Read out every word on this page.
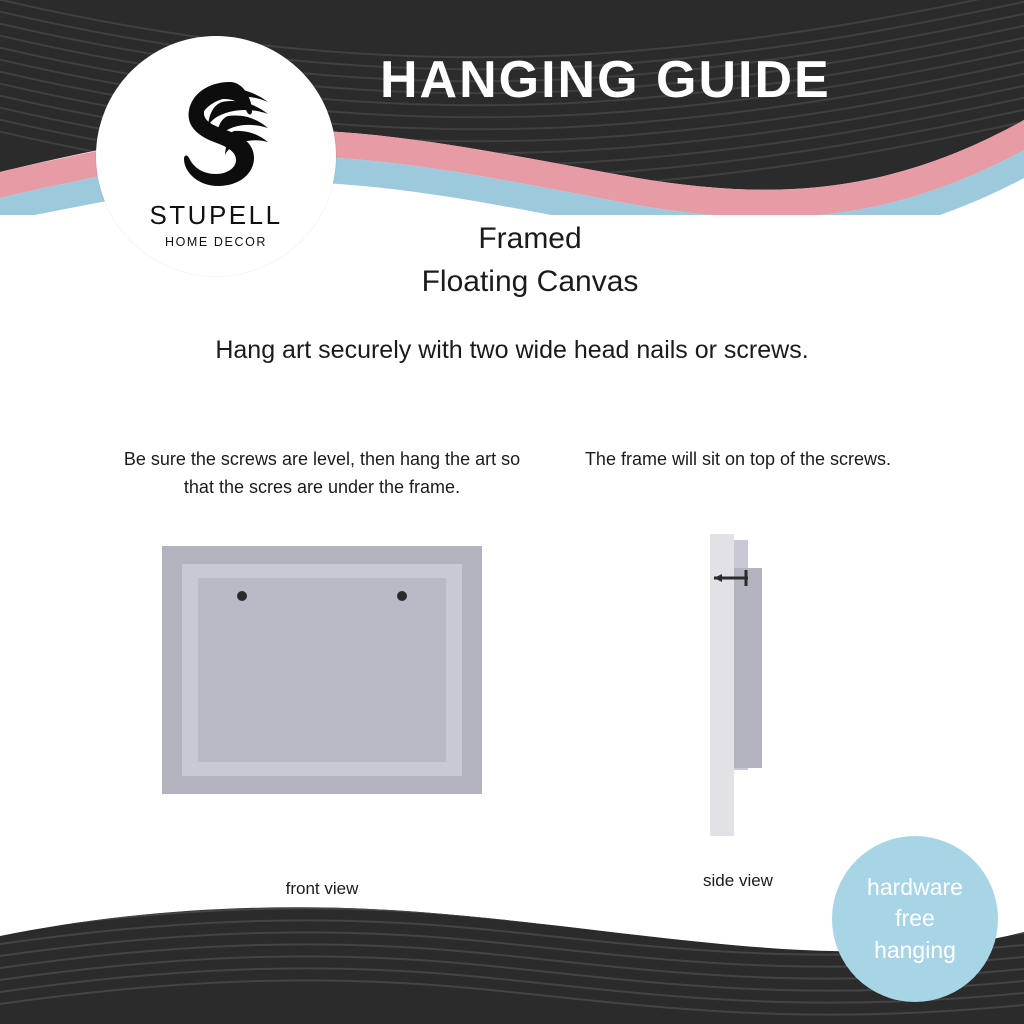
STUPELL
HOME DECOR
HANGING GUIDE
Framed
Floating Canvas
Hang art securely with two wide head nails or screws.
Be sure the screws are level, then hang the art so that the scres are under the frame.
front view
The frame will sit on top of the screws.
side view	hardware
free
hanging
